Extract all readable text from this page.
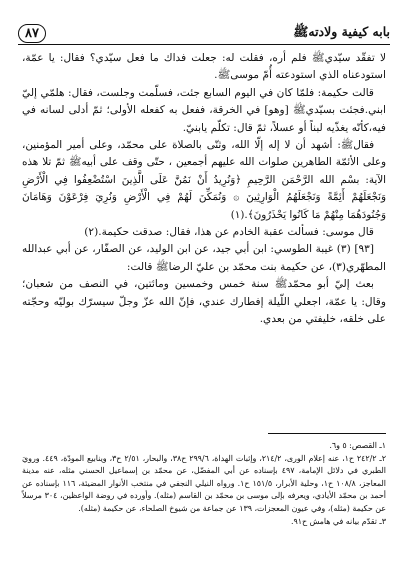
بابه كيفية ولادتهﷺ
٨٧

لا تفقّد سيّديﷺ فلم أره، فقلت له: جعلت فداك ما فعل سيّدي؟ فقال: يا عمّة، استودعناه الذي استودعته أُمّ موسىﷺ.

قالت حكيمة: فلمّا كان في اليوم السابع جئت، فسلّمت وجلست، فقال: هلمّي إليّ ابني.فجئت بسيّديﷺ [وهو] في الخرقة، ففعل به كفعله الأولى؛ ثمّ أدلى لسانه في فيه،كأنّه يغذّيه لبناً أو عسلاً، ثمّ قال: تكلّم يابنيّ.

فقالﷺ: أشهد أن لا إله إلّا الله، وثنّى بالصلاة على محمّد، وعلى أمير المؤمنين، وعلى الأئمّة الطاهرين صلوات الله عليهم أجمعين ، حتّى وقف على أبيهﷺ ثمّ تلا هذه الآية: بسْم الله الرَّحْمَن الرَّحِيمِ ﴿وَنُرِيدُ أَنْ نَمُنَّ عَلَى الَّذِينَ اسْتُضْعِفُوا فِي الْأَرْضِ وَنَجْعَلَهُمْ أَئِمَّةً وَنَجْعَلَهُمُ الْوَارِثِينَ ۞ وَنُمَكِّنَ لَهُمْ فِي الْأَرْضِ وَنُرِيَ فِرْعَوْنَ وَهَامَانَ وَجُنُودَهُمَا مِنْهُمْ مَا كَانُوا يَحْذَرُونَ﴾.(١)

قال موسى: فسألت عقبة الخادم عن هذا، فقال: صدقت حكيمة.(٢)

[٩٣] (٣) غيبة الطوسي: ابن أبي جيد، عن ابن الوليد، عن الصفّار، عن أبي عبدالله المطهّري(٣)، عن حكيمة بنت محمّد بن عليّ الرضاﷺ قالت:

بعث إليّ أبو محمّدﷺ سنة خمس وخمسين ومائتين، في النصف من شعبان؛ وقال: يا عمّة، اجعلي اللّيلة إفطارك عندي، فإنّ الله عزّ وجلّ سيسرّك بوليّه وحجّته على خلقه، خليفتي من بعدي.

١ـ القصص: ٥ و٦.

٢ـ ٢٤٢/٢ ح١، عنه إعلام الورى، ٢١٤/٢، وإثبات الهداة، ٢٩٩/٦ ح٣٨، والبحار، ٢/٥١ ح٣، وينابيع المودّة، ٤٤٩. ورويَ الطبري في دلائل الإمامة، ٤٩٧ بإسناده عن أبي المفضّل، عن محمّد بن إسماعيل الحسني مثله، عنه مدينة المعاجز، ١٠٨/٨ ح١، وحلية الأبرار، ١٥١/٥ ح١. ورواه النيلي النجفي في منتخب الأنوار المضيئة، ١١٦ بإسناده عن أحمد بن محمّد الأيادي، ويعرفه بإلى موسى بن محمّد بن القاسم (مثله). وأورده في روضة الواعظين، ٣٠٤ مرسلاً عن حكيمة (مثله)، وفي عيون المعجزات، ١٣٩ عن جماعة من شيوخ الصلحاء، عن حكيمة (مثله).

٣ـ تقدّم بيانه في هامش ح٩١.
